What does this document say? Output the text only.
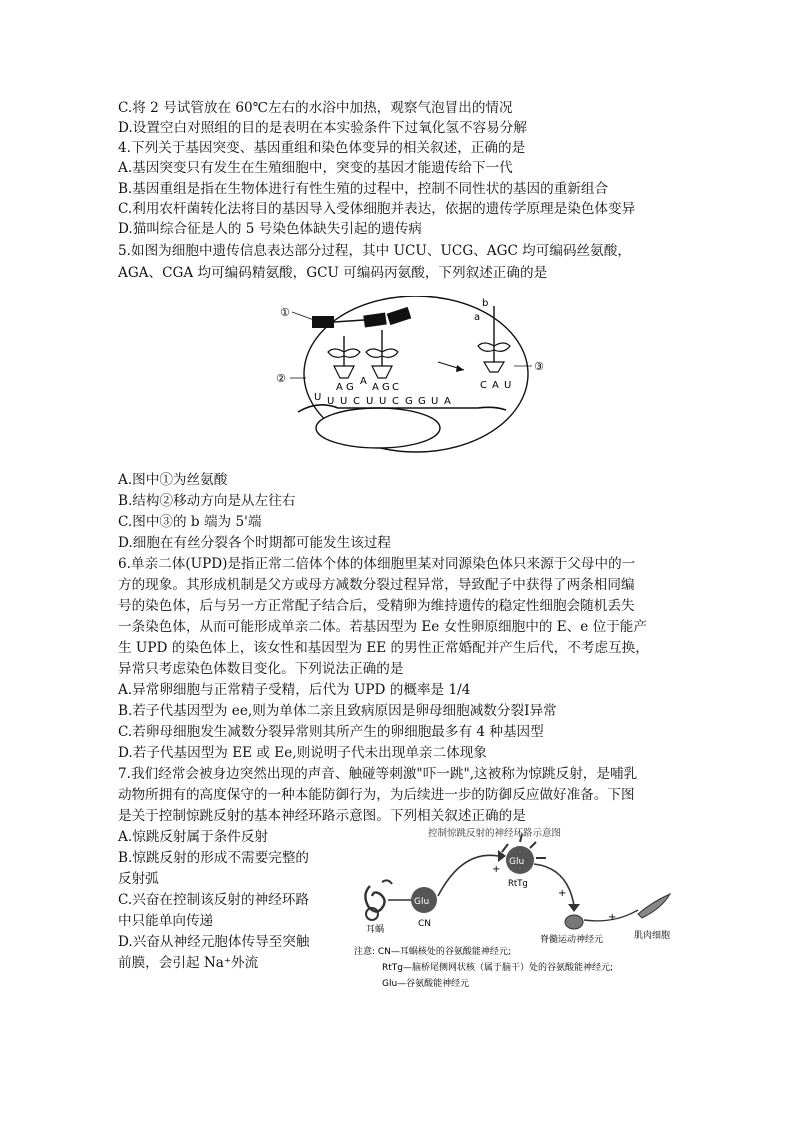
C.将 2 号试管放在 60℃左右的水浴中加热，观察气泡冒出的情况
D.设置空白对照组的目的是表明在本实验条件下过氧化氢不容易分解
4.下列关于基因突变、基因重组和染色体变异的相关叙述，正确的是
A.基因突变只有发生在生殖细胞中，突变的基因才能遗传给下一代
B.基因重组是指在生物体进行有性生殖的过程中，控制不同性状的基因的重新组合
C.利用农杆菌转化法将目的基因导入受体细胞并表达，依据的遗传学原理是染色体变异
D.猫叫综合征是人的 5 号染色体缺失引起的遗传病
5.如图为细胞中遗传信息表达部分过程，其中 UCU、UCG、AGC 均可编码丝氨酸，
AGA、CGA 均可编码精氨酸，GCU 可编码丙氨酸，下列叙述正确的是
①
②
A G
A
A G C
U U U C U U C G G U A
b
a
C A U
③
A.图中①为丝氨酸
B.结构②移动方向是从左往右
C.图中③的 b 端为 5'端
D.细胞在有丝分裂各个时期都可能发生该过程
6.单亲二体(UPD)是指正常二倍体个体的体细胞里某对同源染色体只来源于父母中的一
方的现象。其形成机制是父方或母方减数分裂过程异常，导致配子中获得了两条相同编
号的染色体，后与另一方正常配子结合后，受精卵为维持遗传的稳定性细胞会随机丢失
一条染色体，从而可能形成单亲二体。若基因型为 Ee 女性卵原细胞中的 E、e 位于能产
生 UPD 的染色体上，该女性和基因型为 EE 的男性正常婚配并产生后代，不考虑互换，
异常只考虑染色体数目变化。下列说法正确的是
A.异常卵细胞与正常精子受精，后代为 UPD 的概率是 1/4
B.若子代基因型为 ee,则为单体二亲且致病原因是卵母细胞减数分裂Ⅰ异常
C.若卵母细胞发生减数分裂异常则其所产生的卵细胞最多有 4 种基因型
D.若子代基因型为 EE 或 Ee,则说明子代未出现单亲二体现象
7.我们经常会被身边突然出现的声音、触碰等刺激"吓一跳",这被称为惊跳反射，是哺乳
动物所拥有的高度保守的一种本能防御行为，为后续进一步的防御反应做好准备。下图
是关于控制惊跳反射的基本神经环路示意图。下列相关叙述正确的是
A.惊跳反射属于条件反射
B.惊跳反射的形成不需要完整的
反射弧
C.兴奋在控制该反射的神经环路
中只能单向传递
D.兴奋从神经元胞体传导至突触
前膜，会引起 Na⁺外流
控制惊跳反射的神经环路示意图
耳蜗
Glu
CN
+
Glu
RtTg
+
脊髓运动神经元
+
肌肉细胞
注意: CN—耳蜗核处的谷氨酸能神经元;
RtTg—脑桥尾侧网状核（属于脑干）处的谷氨酸能神经元;
Glu—谷氨酸能神经元
